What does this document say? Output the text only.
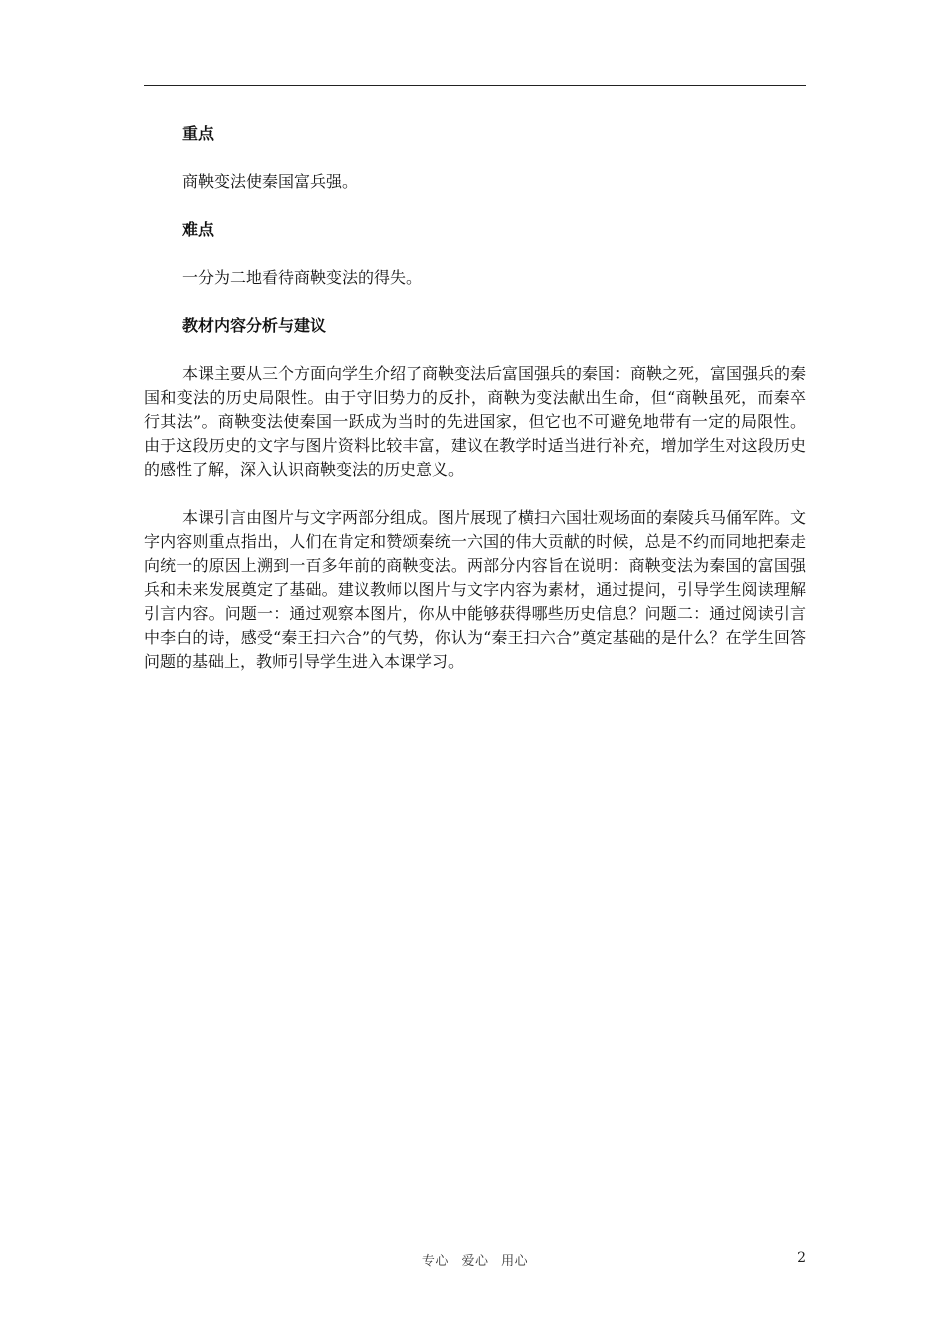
重点

商鞅变法使秦国富兵强。

难点

一分为二地看待商鞅变法的得失。

教材内容分析与建议

本课主要从三个方面向学生介绍了商鞅变法后富国强兵的秦国：商鞅之死，富国强兵的秦国和变法的历史局限性。由于守旧势力的反扑，商鞅为变法献出生命，但“商鞅虽死，而秦卒行其法”。商鞅变法使秦国一跃成为当时的先进国家，但它也不可避免地带有一定的局限性。由于这段历史的文字与图片资料比较丰富，建议在教学时适当进行补充，增加学生对这段历史的感性了解，深入认识商鞅变法的历史意义。

本课引言由图片与文字两部分组成。图片展现了横扫六国壮观场面的秦陵兵马俑军阵。文字内容则重点指出，人们在肯定和赞颂秦统一六国的伟大贡献的时候，总是不约而同地把秦走向统一的原因上溯到一百多年前的商鞅变法。两部分内容旨在说明：商鞅变法为秦国的富国强兵和未来发展奠定了基础。建议教师以图片与文字内容为素材，通过提问，引导学生阅读理解引言内容。问题一：通过观察本图片，你从中能够获得哪些历史信息？问题二：通过阅读引言中李白的诗，感受“秦王扫六合”的气势，你认为“秦王扫六合”奠定基础的是什么？在学生回答问题的基础上，教师引导学生进入本课学习。

专心 爱心 用心	2
